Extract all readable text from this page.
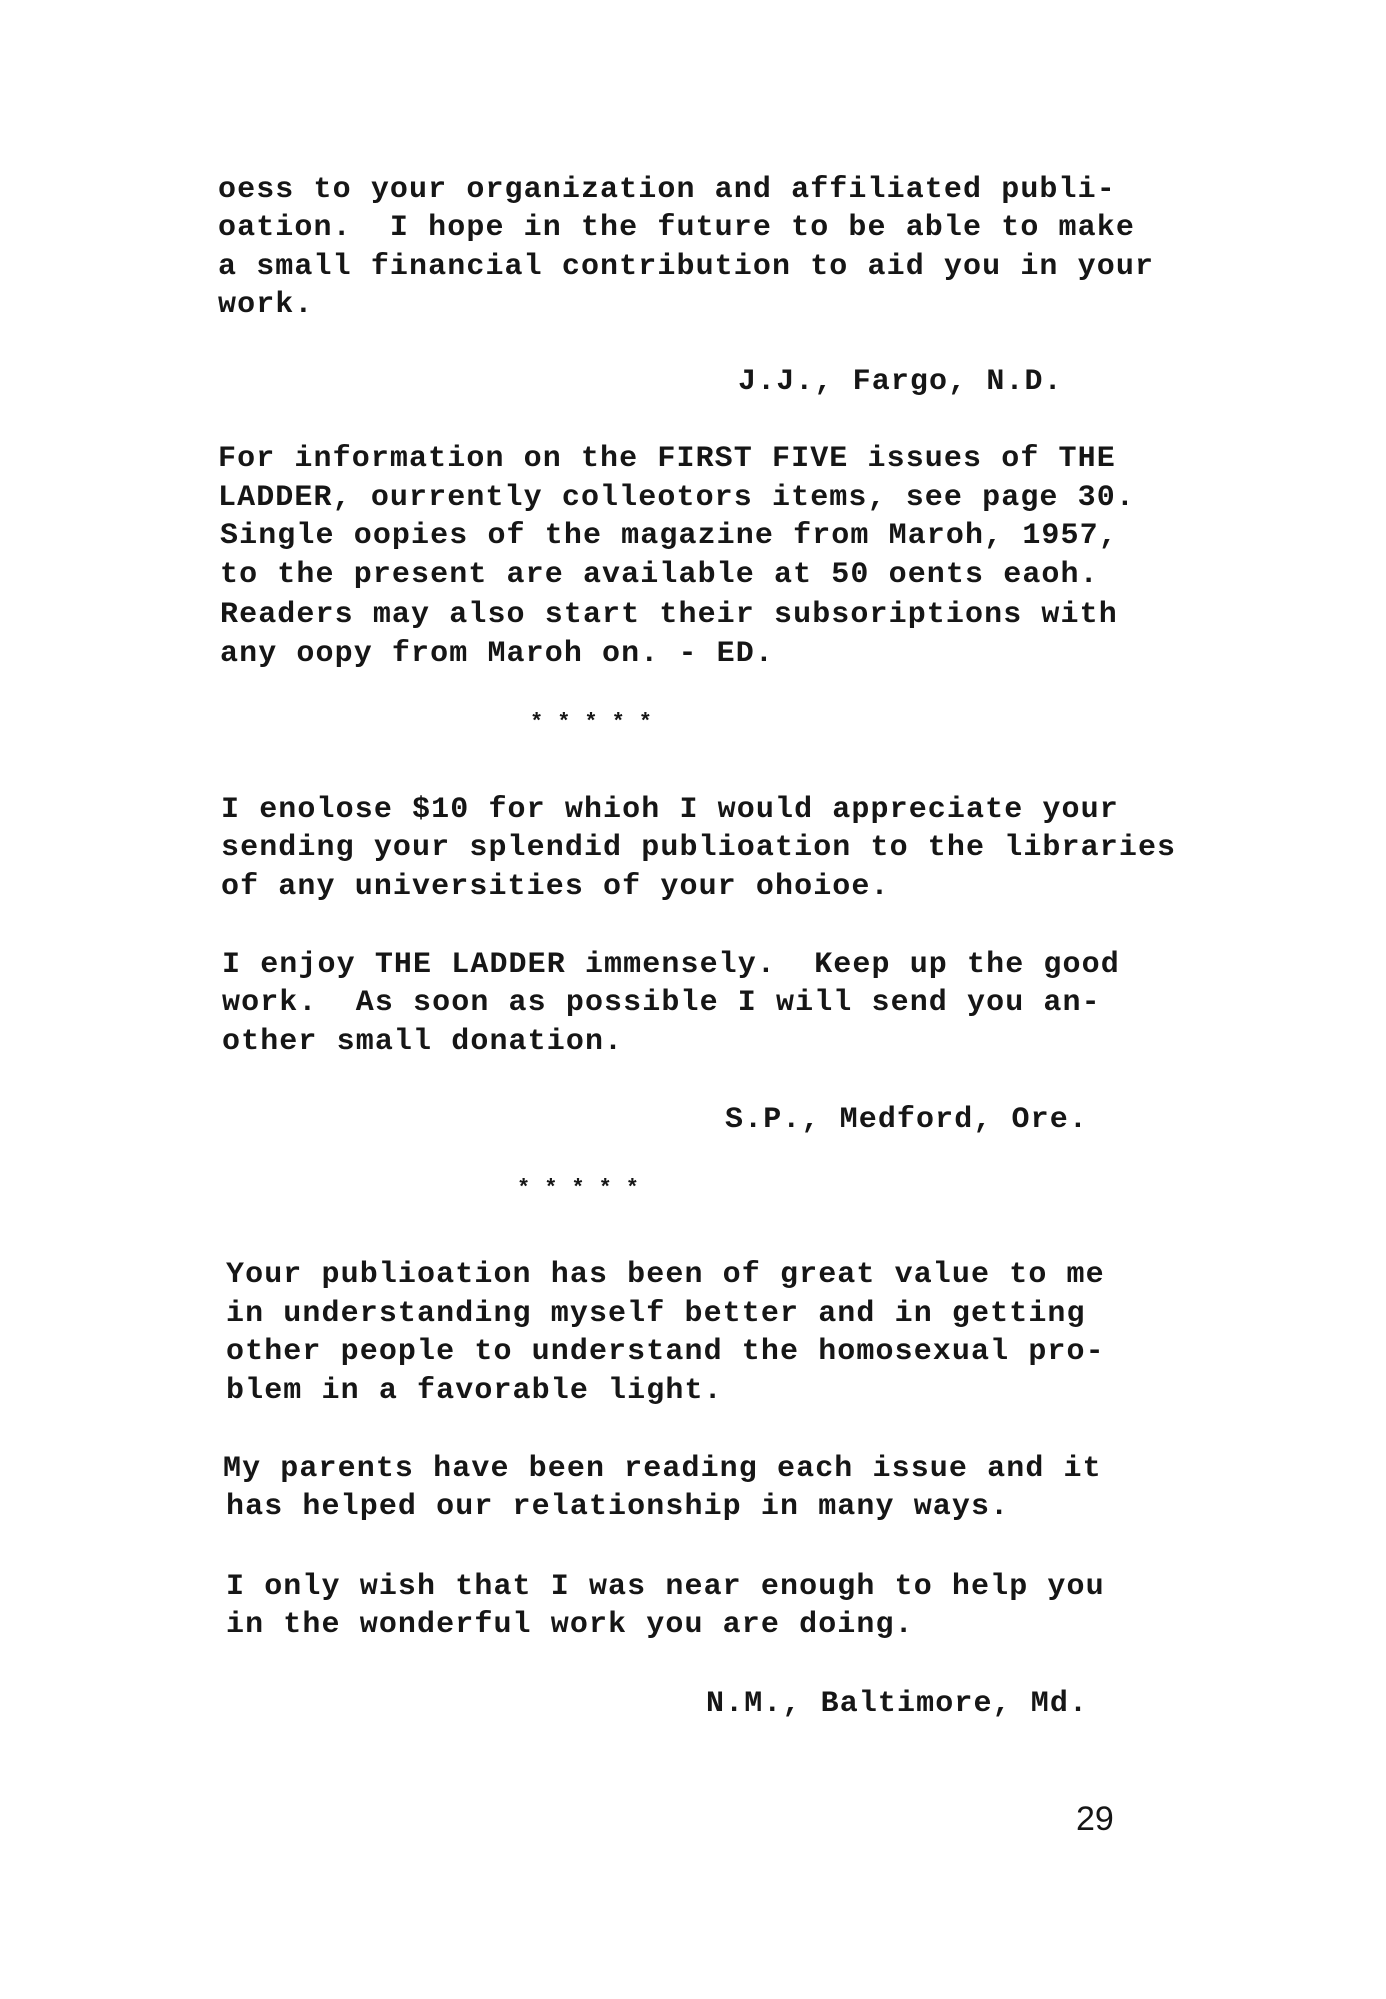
oess to your organization and affiliated publi-
oation.  I hope in the future to be able to make
a small financial contribution to aid you in your
work.
J.J., Fargo, N.D.
For information on the FIRST FIVE issues of THE
LADDER, ourrently colleotors items, see page 30.
Single oopies of the magazine from Maroh, 1957,
to the present are available at 50 oents eaoh.
Readers may also start their subsoriptions with
any oopy from Maroh on. - ED.
*****
I enolose $10 for whioh I would appreciate your
sending your splendid publioation to the libraries
of any universities of your ohoioe.
I enjoy THE LADDER immensely.  Keep up the good
work.  As soon as possible I will send you an-
other small donation.
S.P., Medford, Ore.
*****
Your publioation has been of great value to me
in understanding myself better and in getting
other people to understand the homosexual pro-
blem in a favorable light.
My parents have been reading each issue and it
has helped our relationship in many ways.
I only wish that I was near enough to help you
in the wonderful work you are doing.
N.M., Baltimore, Md.
29
